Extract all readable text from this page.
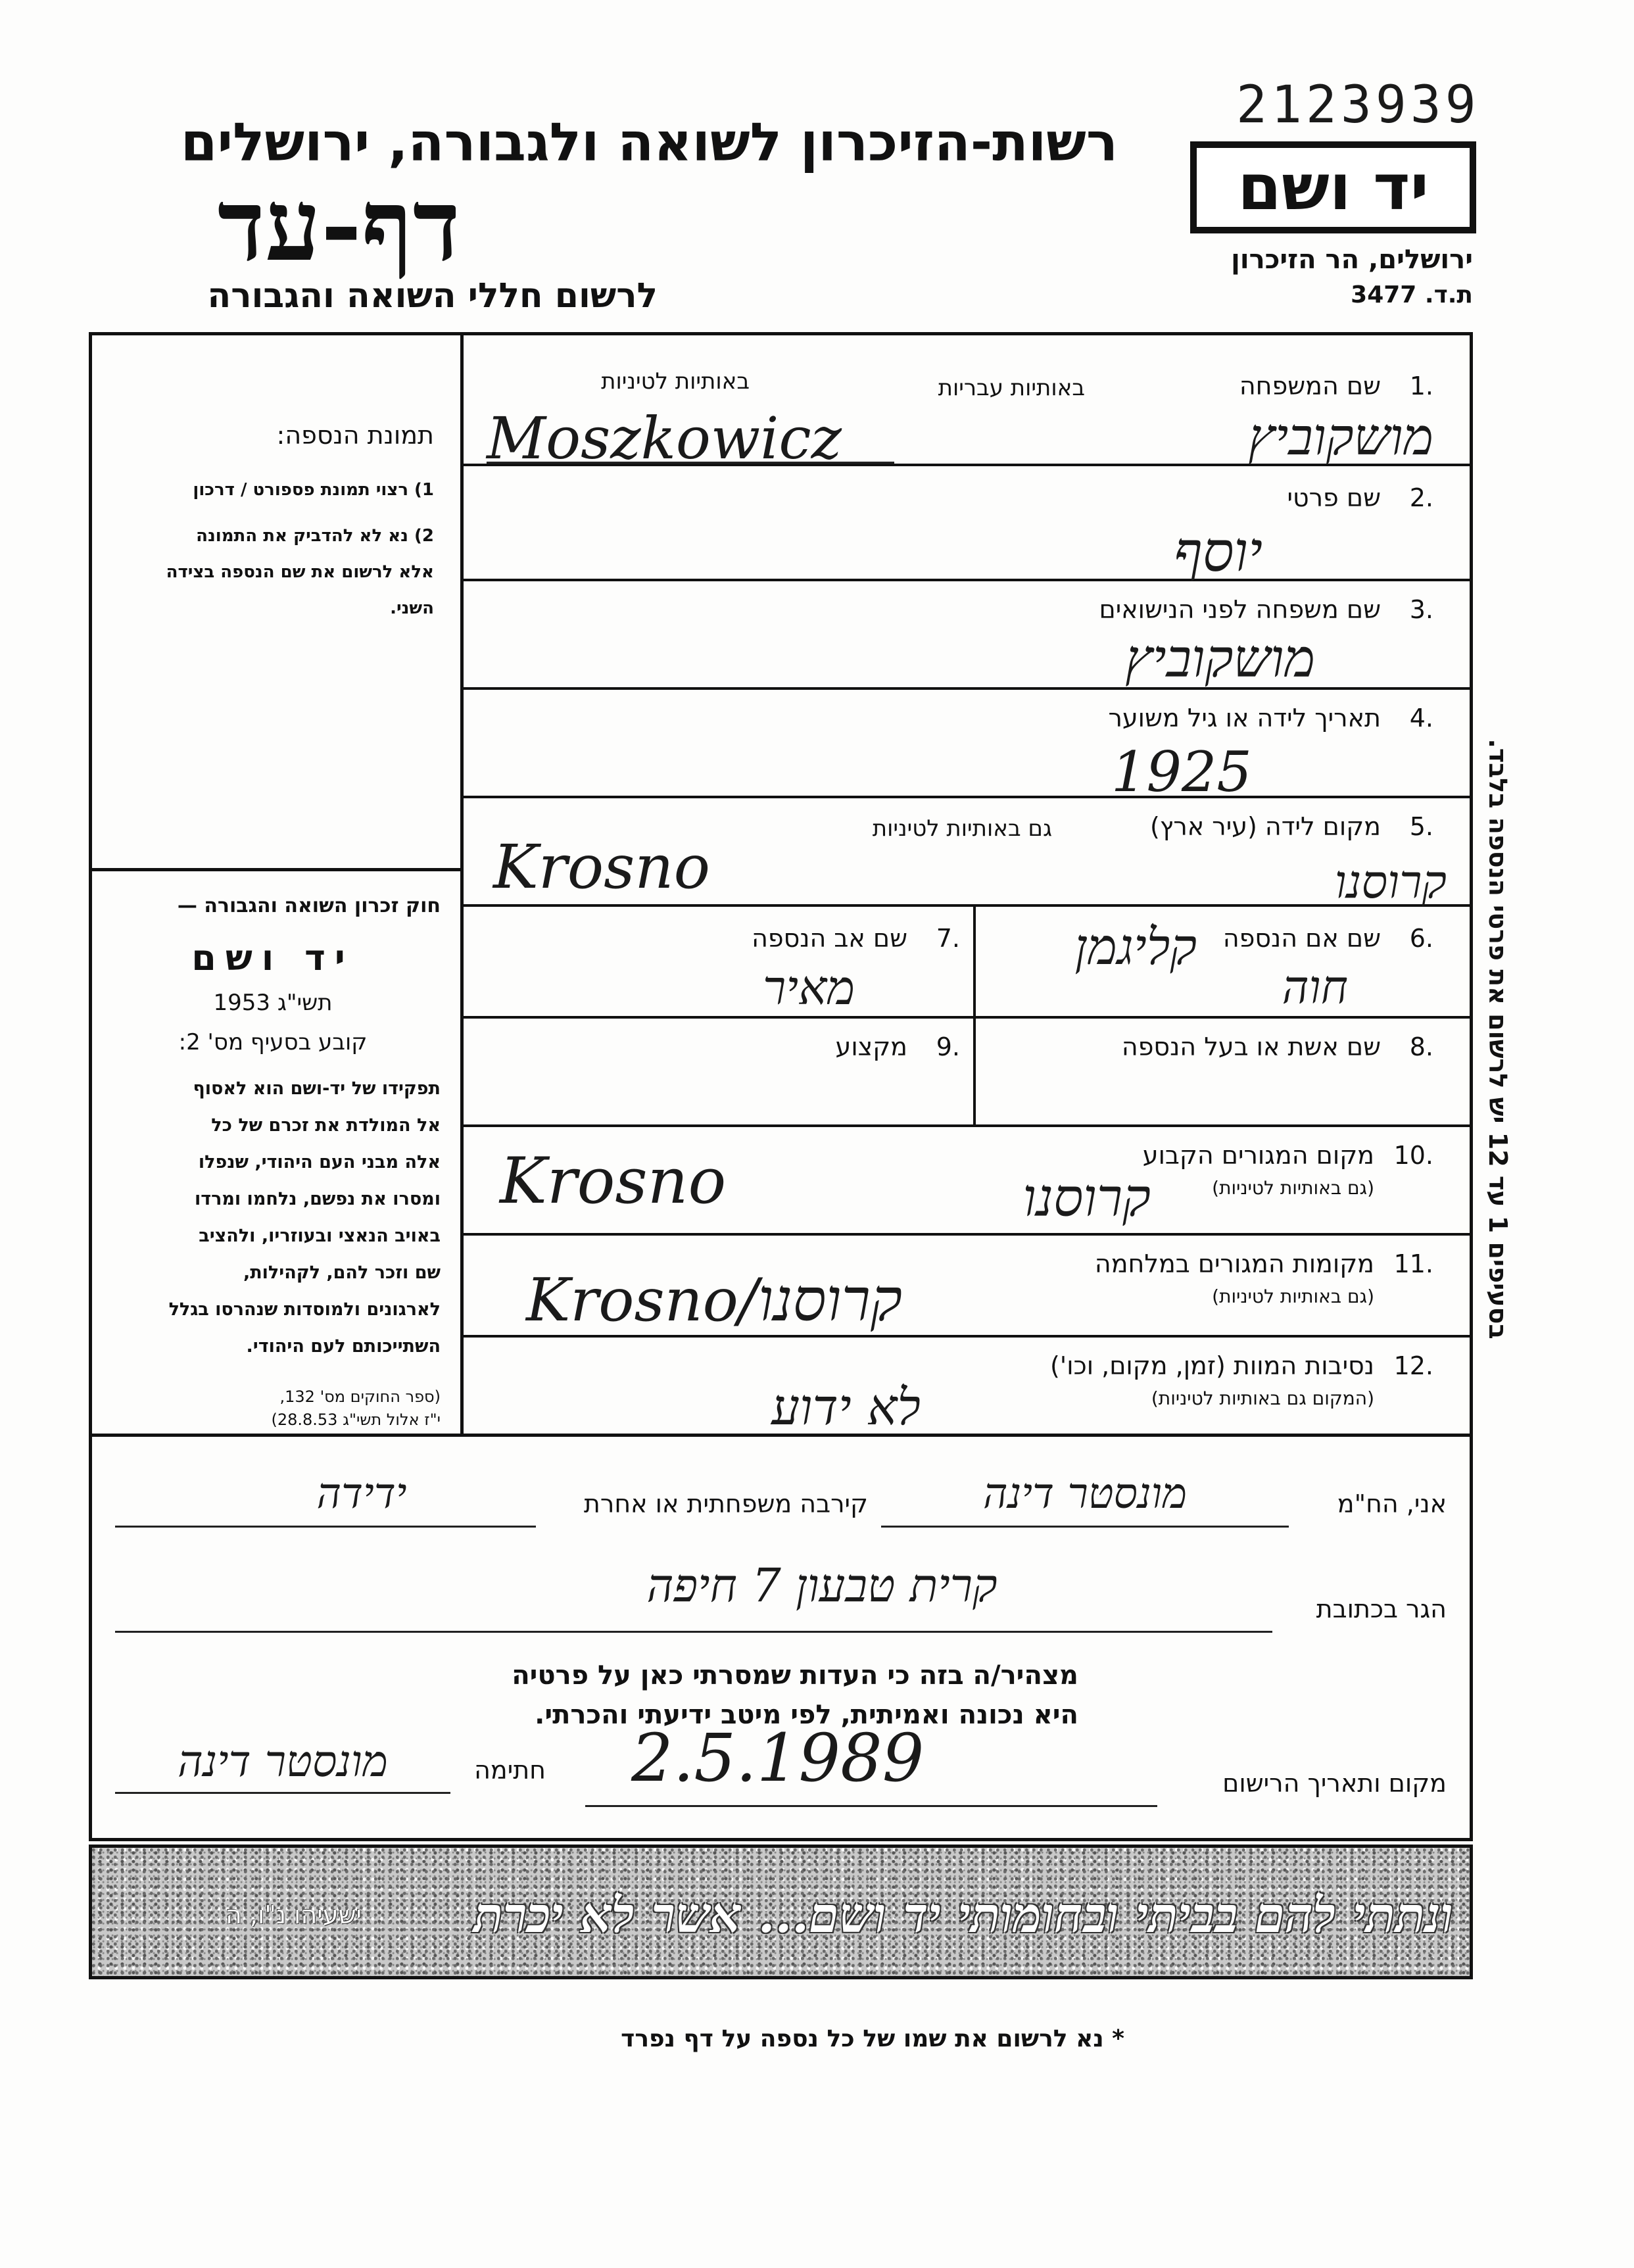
2123939
רשות-הזיכרון לשואה ולגבורה, ירושלים
דף-עד
לרשום חללי השואה והגבורה
יד ושם
ירושלים, הר הזיכרון
ת.ד. 3477
תמונת הנספה:
1) רצוי תמונת פספורט / דרכון
2) נא לא להדביק את התמונה
אלא לרשום את שם הנספה בצידה
השני.
חוק זכרון השואה והגבורה —
יד ושם
תשי"ג 1953
קובע בסעיף מס' 2:
תפקידו של יד-ושם הוא לאסוף
אל המולדת את זכרם של כל
אלה מבני העם היהודי, שנפלו
ומסרו את נפשם, נלחמו ומרדו
באויב הנאצי ובעוזריו, ולהציב
שם וזכר להם, לקהילות,
לארגונים ולמוסדות שנהרסו בגלל
השתייכותם לעם היהודי.
1.
שם המשפחה
באותיות עבריות
באותיות לטיניות
מושקוביץ
Moszkowicz
2.
שם פרטי
יוסף
3.
שם משפחה לפני הנישואים
מושקוביץ
4.
תאריך לידה או גיל משוער
1925
5.
מקום לידה (עיר ארץ)
גם באותיות לטיניות
Krosno	קרוסנו
6.
שם אם הנספה
קליגמן
חוה
7.
שם אב הנספה
מאיר
8.
שם אשת או בעל הנספה
9.
מקצוע
10.
מקום המגורים הקבוע
(גם באותיות לטיניות)
Krosno	קרוסנו
11.
מקומות המגורים במלחמה
(גם באותיות לטיניות)
Krosno/קרוסנו
12.
נסיבות המוות (זמן, מקום, וכו')
(המקום גם באותיות לטיניות)
לא ידוע
בסעיפים 1 עד 12 יש לרשום את פרטי הנספה בלבד.
אני, הח"מ
מונסטר דינה
קירבה משפחתית או אחרת
ידידה
הגר בכתובת
קרית טבעון 7 חיפה
מצהיר/ה בזה כי העדות שמסרתי כאן על פרטיה
היא נכונה ואמיתית, לפי מיטב ידיעתי והכרתי.
מקום ותאריך הרישום
2.5.1989
חתימה
מונסטר דינה
ונתתי להם בביתי ובחומותי יד ושם... אשר לא יכרת
ישעיהו נ"ו, ה
* נא לרשום את שמו של כל נספה על דף נפרד
(ספר החוקים מס' 132,
י"ז אלול תשי"ג 28.8.53)
